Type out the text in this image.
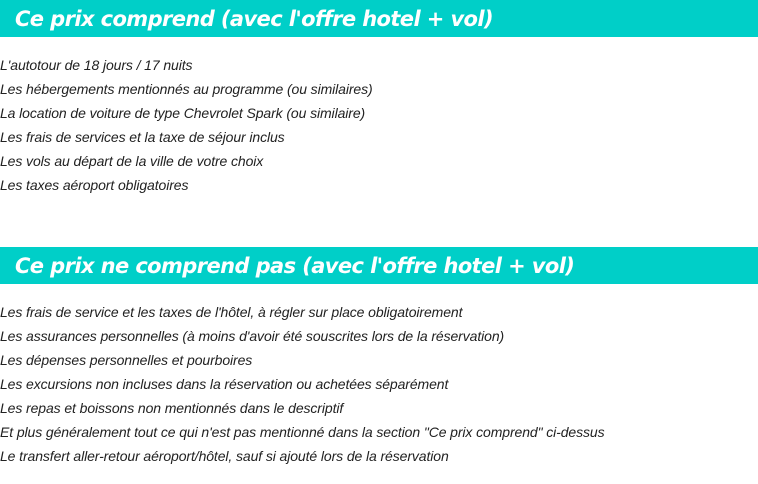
Ce prix comprend (avec l'offre hotel + vol)
L'autotour de 18 jours / 17 nuits
Les hébergements mentionnés au programme (ou similaires)
La location de voiture de type Chevrolet Spark (ou similaire)
Les frais de services et la taxe de séjour inclus
Les vols au départ de la ville de votre choix
Les taxes aéroport obligatoires
Ce prix ne comprend pas (avec l'offre hotel + vol)
Les frais de service et les taxes de l'hôtel, à régler sur place obligatoirement
Les assurances personnelles (à moins d'avoir été souscrites lors de la réservation)
Les dépenses personnelles et pourboires
Les excursions non incluses dans la réservation ou achetées séparément
Les repas et boissons non mentionnés dans le descriptif
Et plus généralement tout ce qui n'est pas mentionné dans la section "Ce prix comprend" ci-dessus
Le transfert aller-retour aéroport/hôtel, sauf si ajouté lors de la réservation
